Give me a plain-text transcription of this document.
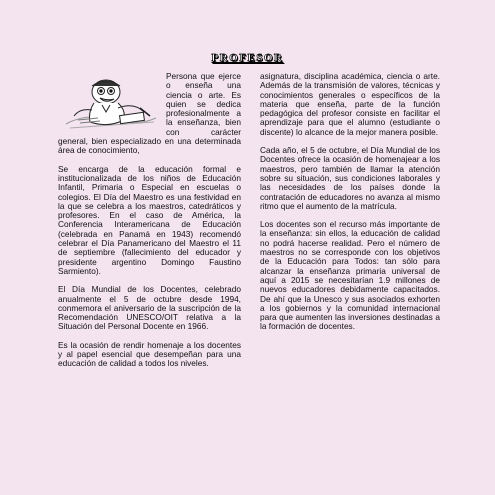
PROFESOR

Persona que ejerce o enseña una ciencia o arte. Es quien se dedica profesionalmente a la enseñanza, bien con carácter general, bien especializado en una determinada área de conocimiento,

Se encarga de la educación formal e institucionalizada de los niños de Educación Infantil, Primaria o Especial en escuelas o colegios. El Día del Maestro es una festividad en la que se celebra a los maestros, catedráticos y profesores. En el caso de América, la Conferencia Interamericana de Educación (celebrada en Panamá en 1943) recomendó celebrar el Día Panamericano del Maestro el 11 de septiembre (fallecimiento del educador y presidente argentino Domingo Faustino Sarmiento).

El Día Mundial de los Docentes, celebrado anualmente el 5 de octubre desde 1994, conmemora el aniversario de la suscripción de la Recomendación UNESCO/OIT relativa a la Situación del Personal Docente en 1966.

Es la ocasión de rendir homenaje a los docentes y al papel esencial que desempeñan para una educación de calidad a todos los niveles.

asignatura, disciplina académica, ciencia o arte. Además de la transmisión de valores, técnicas y conocimientos generales o específicos de la materia que enseña, parte de la función pedagógica del profesor consiste en facilitar el aprendizaje para que el alumno (estudiante o discente) lo alcance de la mejor manera posible.

Cada año, el 5 de octubre, el Día Mundial de los Docentes ofrece la ocasión de homenajear a los maestros, pero también de llamar la atención sobre su situación, sus condiciones laborales y las necesidades de los países donde la contratación de educadores no avanza al mismo ritmo que el aumento de la matrícula.

Los docentes son el recurso más importante de la enseñanza: sin ellos, la educación de calidad no podrá hacerse realidad. Pero el número de maestros no se corresponde con los objetivos de la Educación para Todos: tan sólo para alcanzar la enseñanza primaria universal de aquí a 2015 se necesitarían 1.9 millones de nuevos educadores debidamente capacitados. De ahí que la Unesco y sus asociados exhorten a los gobiernos y la comunidad internacional para que aumenten las inversiones destinadas a la formación de docentes.
